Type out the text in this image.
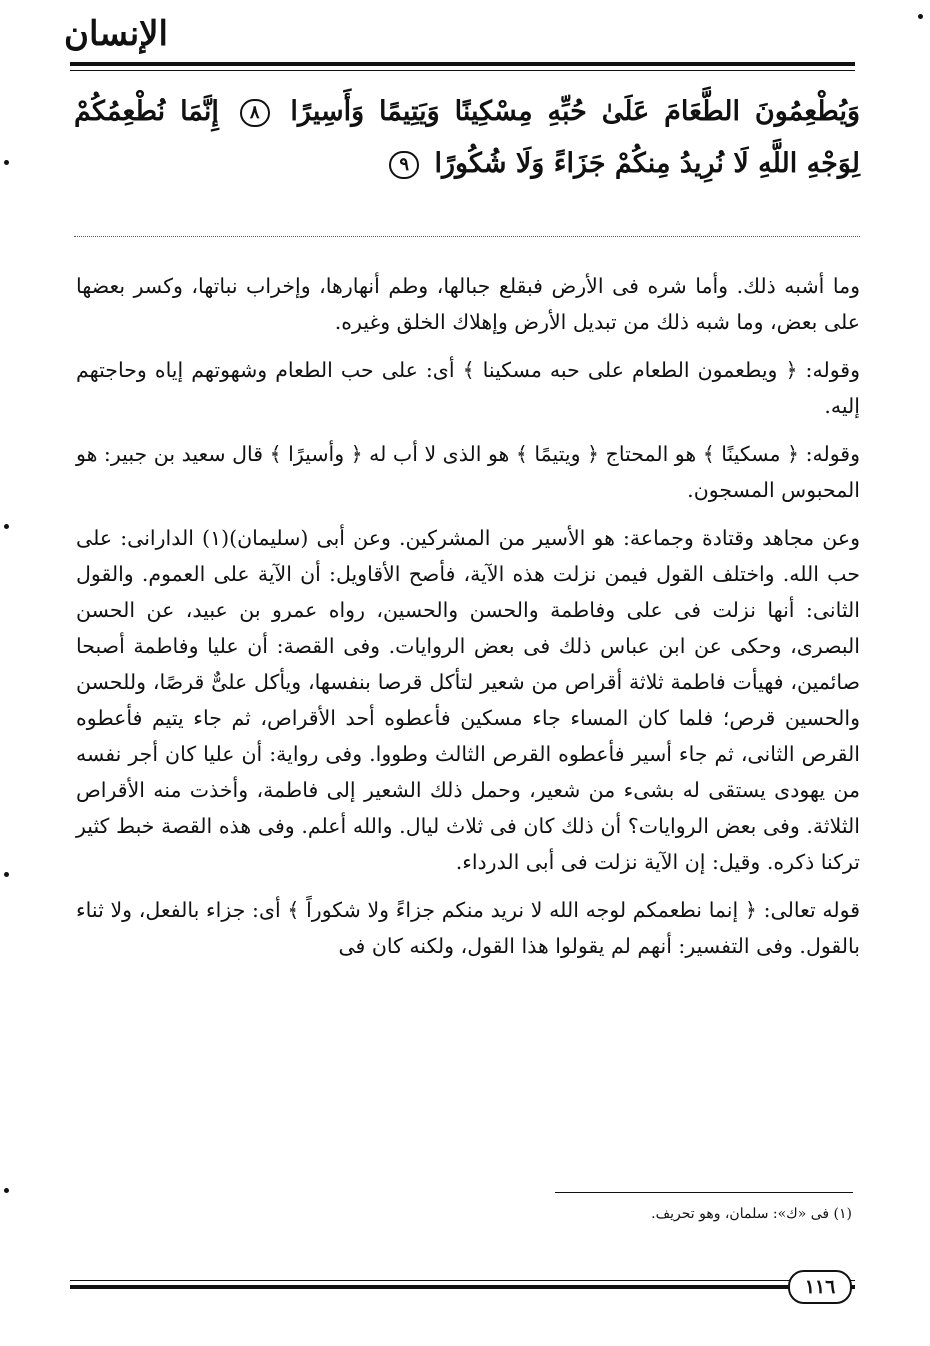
الإنسان
وَيُطْعِمُونَ الطَّعَامَ عَلَىٰ حُبِّهِ مِسْكِينًا وَيَتِيمًا وَأَسِيرًا ٨ إِنَّمَا نُطْعِمُكُمْ لِوَجْهِ اللَّهِ لَا نُرِيدُ مِنكُمْ جَزَاءً وَلَا شُكُورًا ٩

وما أشبه ذلك. وأما شره فى الأرض فبقلع جبالها، وطم أنهارها، وإخراب نباتها، وكسر بعضها على بعض، وما شبه ذلك من تبديل الأرض وإهلاك الخلق وغيره.

وقوله: ﴿ ويطعمون الطعام على حبه مسكينا ﴾ أى: على حب الطعام وشهوتهم إياه وحاجتهم إليه.

وقوله: ﴿ مسكينًا ﴾ هو المحتاج ﴿ ويتيمًا ﴾ هو الذى لا أب له ﴿ وأسيرًا ﴾ قال سعيد بن جبير: هو المحبوس المسجون.

وعن مجاهد وقتادة وجماعة: هو الأسير من المشركين. وعن أبى (سليمان)(١) الدارانى: على حب الله. واختلف القول فيمن نزلت هذه الآية، فأصح الأقاويل: أن الآية على العموم. والقول الثانى: أنها نزلت فى على وفاطمة والحسن والحسين، رواه عمرو بن عبيد، عن الحسن البصرى، وحكى عن ابن عباس ذلك فى بعض الروايات. وفى القصة: أن عليا وفاطمة أصبحا صائمين، فهيأت فاطمة ثلاثة أقراص من شعير لتأكل قرصا بنفسها، ويأكل علىٌّ قرصًا، وللحسن والحسين قرص؛ فلما كان المساء جاء مسكين فأعطوه أحد الأقراص، ثم جاء يتيم فأعطوه القرص الثانى، ثم جاء أسير فأعطوه القرص الثالث وطووا. وفى رواية: أن عليا كان أجر نفسه من يهودى يستقى له بشىء من شعير، وحمل ذلك الشعير إلى فاطمة، وأخذت منه الأقراص الثلاثة. وفى بعض الروايات؟ أن ذلك كان فى ثلاث ليال. والله أعلم. وفى هذه القصة خبط كثير تركنا ذكره. وقيل: إن الآية نزلت فى أبى الدرداء.

قوله تعالى: ﴿ إنما نطعمكم لوجه الله لا نريد منكم جزاءً ولا شكوراً ﴾ أى: جزاء بالفعل، ولا ثناء بالقول. وفى التفسير: أنهم لم يقولوا هذا القول، ولكنه كان فى

(١) فى «ك»: سلمان، وهو تحريف.
١١٦
